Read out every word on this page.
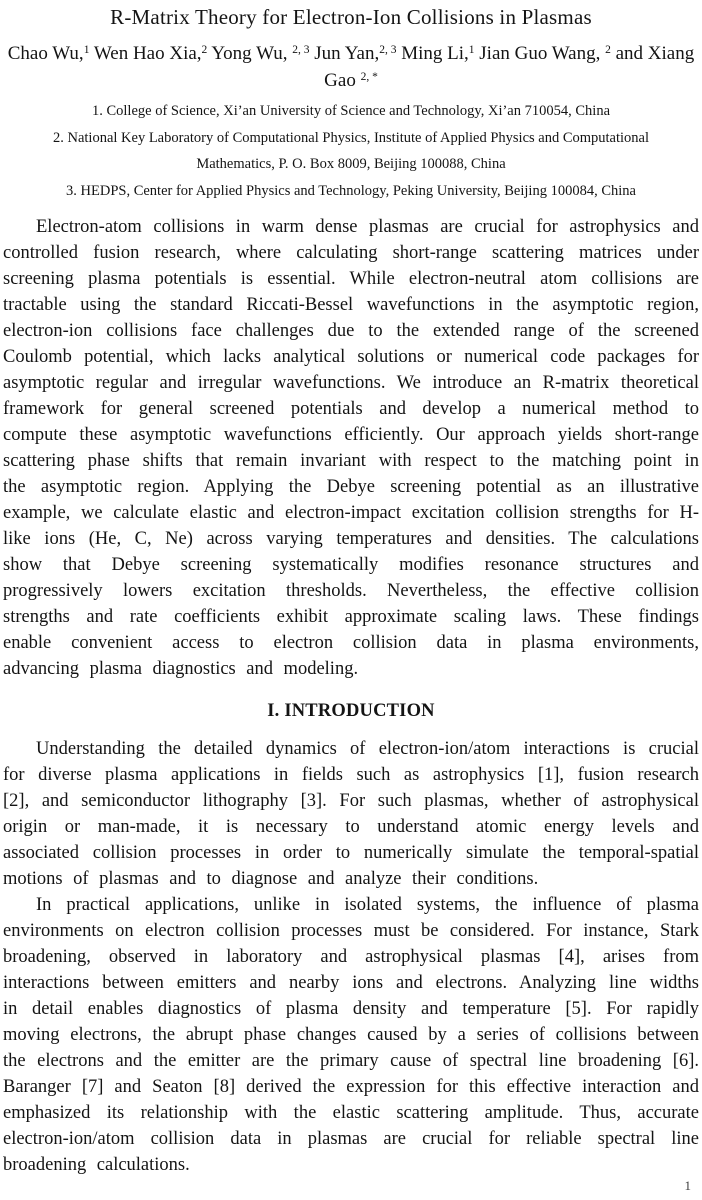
R-Matrix Theory for Electron-Ion Collisions in Plasmas
Chao Wu,$^1$ Wen Hao Xia,$^2$ Yong Wu, $^{2, 3}$ Jun Yan,$^{2, 3}$ Ming Li,$^1$ Jian Guo Wang, $^2$ and Xiang Gao $^{2, *}$
1. College of Science, Xi’an University of Science and Technology, Xi’an 710054, China
2. National Key Laboratory of Computational Physics, Institute of Applied Physics and Computational Mathematics, P. O. Box 8009, Beijing 100088, China
3. HEDPS, Center for Applied Physics and Technology, Peking University, Beijing 100084, China

Electron-atom collisions in warm dense plasmas are crucial for astrophysics and controlled fusion research, where calculating short-range scattering matrices under screening plasma potentials is essential. While electron-neutral atom collisions are tractable using the standard Riccati-Bessel wavefunctions in the asymptotic region, electron-ion collisions face challenges due to the extended range of the screened Coulomb potential, which lacks analytical solutions or numerical code packages for asymptotic regular and irregular wavefunctions. We introduce an R-matrix theoretical framework for general screened potentials and develop a numerical method to compute these asymptotic wavefunctions efficiently. Our approach yields short-range scattering phase shifts that remain invariant with respect to the matching point in the asymptotic region. Applying the Debye screening potential as an illustrative example, we calculate elastic and electron-impact excitation collision strengths for H-like ions (He, C, Ne) across varying temperatures and densities. The calculations show that Debye screening systematically modifies resonance structures and progressively lowers excitation thresholds. Nevertheless, the effective collision strengths and rate coefficients exhibit approximate scaling laws. These findings enable convenient access to electron collision data in plasma environments, advancing plasma diagnostics and modeling.

I. INTRODUCTION

Understanding the detailed dynamics of electron-ion/atom interactions is crucial for diverse plasma applications in fields such as astrophysics [1], fusion research [2], and semiconductor lithography [3]. For such plasmas, whether of astrophysical origin or man-made, it is necessary to understand atomic energy levels and associated collision processes in order to numerically simulate the temporal-spatial motions of plasmas and to diagnose and analyze their conditions.

In practical applications, unlike in isolated systems, the influence of plasma environments on electron collision processes must be considered. For instance, Stark broadening, observed in laboratory and astrophysical plasmas [4], arises from interactions between emitters and nearby ions and electrons. Analyzing line widths in detail enables diagnostics of plasma density and temperature [5]. For rapidly moving electrons, the abrupt phase changes caused by a series of collisions between the electrons and the emitter are the primary cause of spectral line broadening [6]. Baranger [7] and Seaton [8] derived the expression for this effective interaction and emphasized its relationship with the elastic scattering amplitude. Thus, accurate electron-ion/atom collision data in plasmas are crucial for reliable spectral line broadening calculations.

1
